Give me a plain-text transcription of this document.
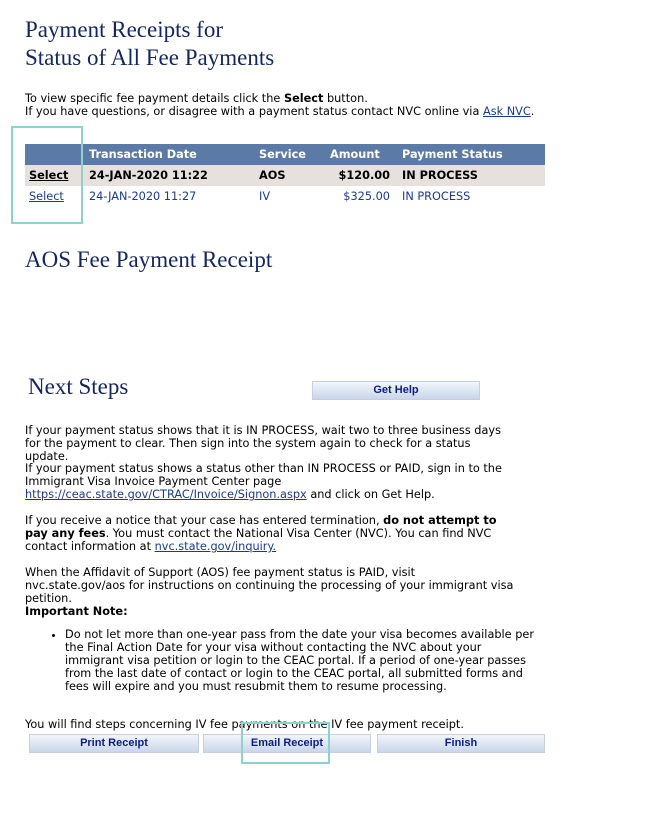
Payment Receipts for
Status of All Fee Payments
To view specific fee payment details click the Select button.
If you have questions, or disagree with a payment status contact NVC online via Ask NVC.
	Transaction Date	Service	Amount	Payment Status
Select	24-JAN-2020 11:22	AOS	$120.00	IN PROCESS
Select	24-JAN-2020 11:27	IV	$325.00	IN PROCESS
AOS Fee Payment Receipt
Next Steps	Get Help
If your payment status shows that it is IN PROCESS, wait two to three business days for the payment to clear. Then sign into the system again to check for a status update.
If your payment status shows a status other than IN PROCESS or PAID, sign in to the Immigrant Visa Invoice Payment Center page
https://ceac.state.gov/CTRAC/Invoice/Signon.aspx and click on Get Help.
If you receive a notice that your case has entered termination, do not attempt to pay any fees. You must contact the National Visa Center (NVC). You can find NVC contact information at nvc.state.gov/inquiry.
When the Affidavit of Support (AOS) fee payment status is PAID, visit nvc.state.gov/aos for instructions on continuing the processing of your immigrant visa petition.
Important Note:
• Do not let more than one-year pass from the date your visa becomes available per the Final Action Date for your visa without contacting the NVC about your immigrant visa petition or login to the CEAC portal. If a period of one-year passes from the last date of contact or login to the CEAC portal, all submitted forms and fees will expire and you must resubmit them to resume processing.
You will find steps concerning IV fee payments on the IV fee payment receipt.
Print Receipt	Email Receipt	Finish
